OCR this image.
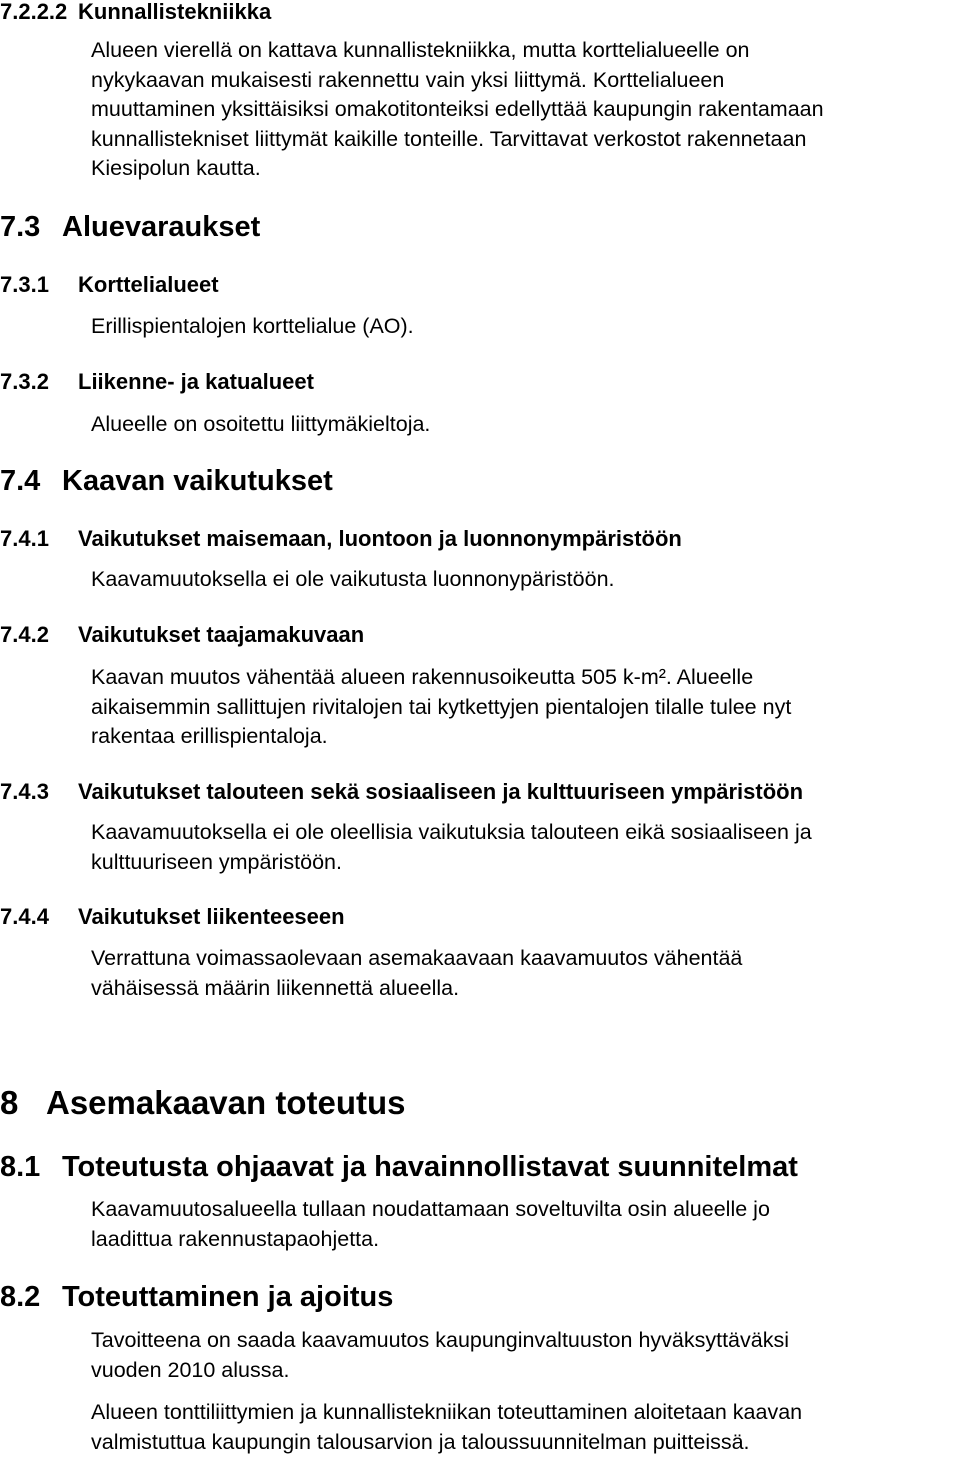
7.2.2.2 Kunnallistekniikka
Alueen vierellä on kattava kunnallistekniikka, mutta korttelialueelle on
nykykaavan mukaisesti rakennettu vain yksi liittymä. Korttelialueen
muuttaminen yksittäisiksi omakotitonteiksi edellyttää kaupungin rakentamaan
kunnallistekniset liittymät kaikille tonteille. Tarvittavat verkostot rakennetaan
Kiesipolun kautta.
7.3 Aluevaraukset
7.3.1 Korttelialueet
Erillispientalojen korttelialue (AO).
7.3.2 Liikenne- ja katualueet
Alueelle on osoitettu liittymäkieltoja.
7.4 Kaavan vaikutukset
7.4.1 Vaikutukset maisemaan, luontoon ja luonnonympäristöön
Kaavamuutoksella ei ole vaikutusta luonnonypäristöön.
7.4.2 Vaikutukset taajamakuvaan
Kaavan muutos vähentää alueen rakennusoikeutta 505 k-m². Alueelle
aikaisemmin sallittujen rivitalojen tai kytkettyjen pientalojen tilalle tulee nyt
rakentaa erillispientaloja.
7.4.3 Vaikutukset talouteen sekä sosiaaliseen ja kulttuuriseen ympäristöön
Kaavamuutoksella ei ole oleellisia vaikutuksia talouteen eikä sosiaaliseen ja
kulttuuriseen ympäristöön.
7.4.4 Vaikutukset liikenteeseen
Verrattuna voimassaolevaan asemakaavaan kaavamuutos vähentää
vähäisessä määrin liikennettä alueella.
8 Asemakaavan toteutus
8.1 Toteutusta ohjaavat ja havainnollistavat suunnitelmat
Kaavamuutosalueella tullaan noudattamaan soveltuvilta osin alueelle jo
laadittua rakennustapaohjetta.
8.2 Toteuttaminen ja ajoitus
Tavoitteena on saada kaavamuutos kaupunginvaltuuston hyväksyttäväksi
vuoden 2010 alussa.
Alueen tonttiliittymien ja kunnallistekniikan toteuttaminen aloitetaan kaavan
valmistuttua kaupungin talousarvion ja taloussuunnitelman puitteissä.
